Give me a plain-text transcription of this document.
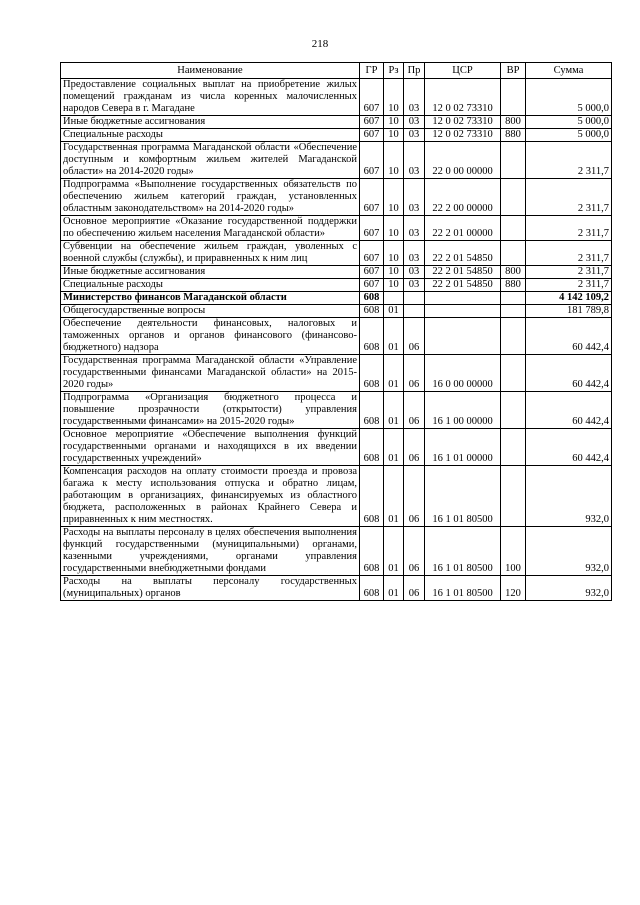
218
Наименование	ГР	Рз	Пр	ЦСР	ВР	Сумма
Предоставление социальных выплат на приобретение жилых помещений гражданам из числа коренных малочисленных народов Севера в г. Магадане	607	10	03	12 0 02 73310		5 000,0
Иные бюджетные ассигнования	607	10	03	12 0 02 73310	800	5 000,0
Специальные расходы	607	10	03	12 0 02 73310	880	5 000,0
Государственная программа Магаданской области «Обеспечение доступным и комфортным жильем жителей Магаданской области» на 2014-2020 годы»	607	10	03	22 0 00 00000		2 311,7
Подпрограмма «Выполнение государственных обязательств по обеспечению жильем категорий граждан, установленных областным законодательством» на 2014-2020 годы»	607	10	03	22 2 00 00000		2 311,7
Основное мероприятие «Оказание государственной поддержки по обеспечению жильем населения Магаданской области»	607	10	03	22 2 01 00000		2 311,7
Субвенции на обеспечение жильем граждан, уволенных с военной службы (службы), и приравненных к ним лиц	607	10	03	22 2 01 54850		2 311,7
Иные бюджетные ассигнования	607	10	03	22 2 01 54850	800	2 311,7
Специальные расходы	607	10	03	22 2 01 54850	880	2 311,7
Министерство финансов Магаданской области	608					4 142 109,2
Общегосударственные вопросы	608	01				181 789,8
Обеспечение деятельности финансовых, налоговых и таможенных органов и органов финансового (финансово-бюджетного) надзора	608	01	06			60 442,4
Государственная программа Магаданской области «Управление государственными финансами Магаданской области» на 2015-2020 годы»	608	01	06	16 0 00 00000		60 442,4
Подпрограмма «Организация бюджетного процесса и повышение прозрачности (открытости) управления государственными финансами» на 2015-2020 годы»	608	01	06	16 1 00 00000		60 442,4
Основное мероприятие «Обеспечение выполнения функций государственными органами и находящихся в их введении государственных учреждений»	608	01	06	16 1 01 00000		60 442,4
Компенсация расходов на оплату стоимости проезда и провоза багажа к месту использования отпуска и обратно лицам, работающим в организациях, финансируемых из областного бюджета, расположенных в районах Крайнего Севера и приравненных к ним местностях.	608	01	06	16 1 01 80500		932,0
Расходы на выплаты персоналу в целях обеспечения выполнения функций государственными (муниципальными) органами, казенными учреждениями, органами управления государственными внебюджетными фондами	608	01	06	16 1 01 80500	100	932,0
Расходы на выплаты персоналу государственных (муниципальных) органов	608	01	06	16 1 01 80500	120	932,0
